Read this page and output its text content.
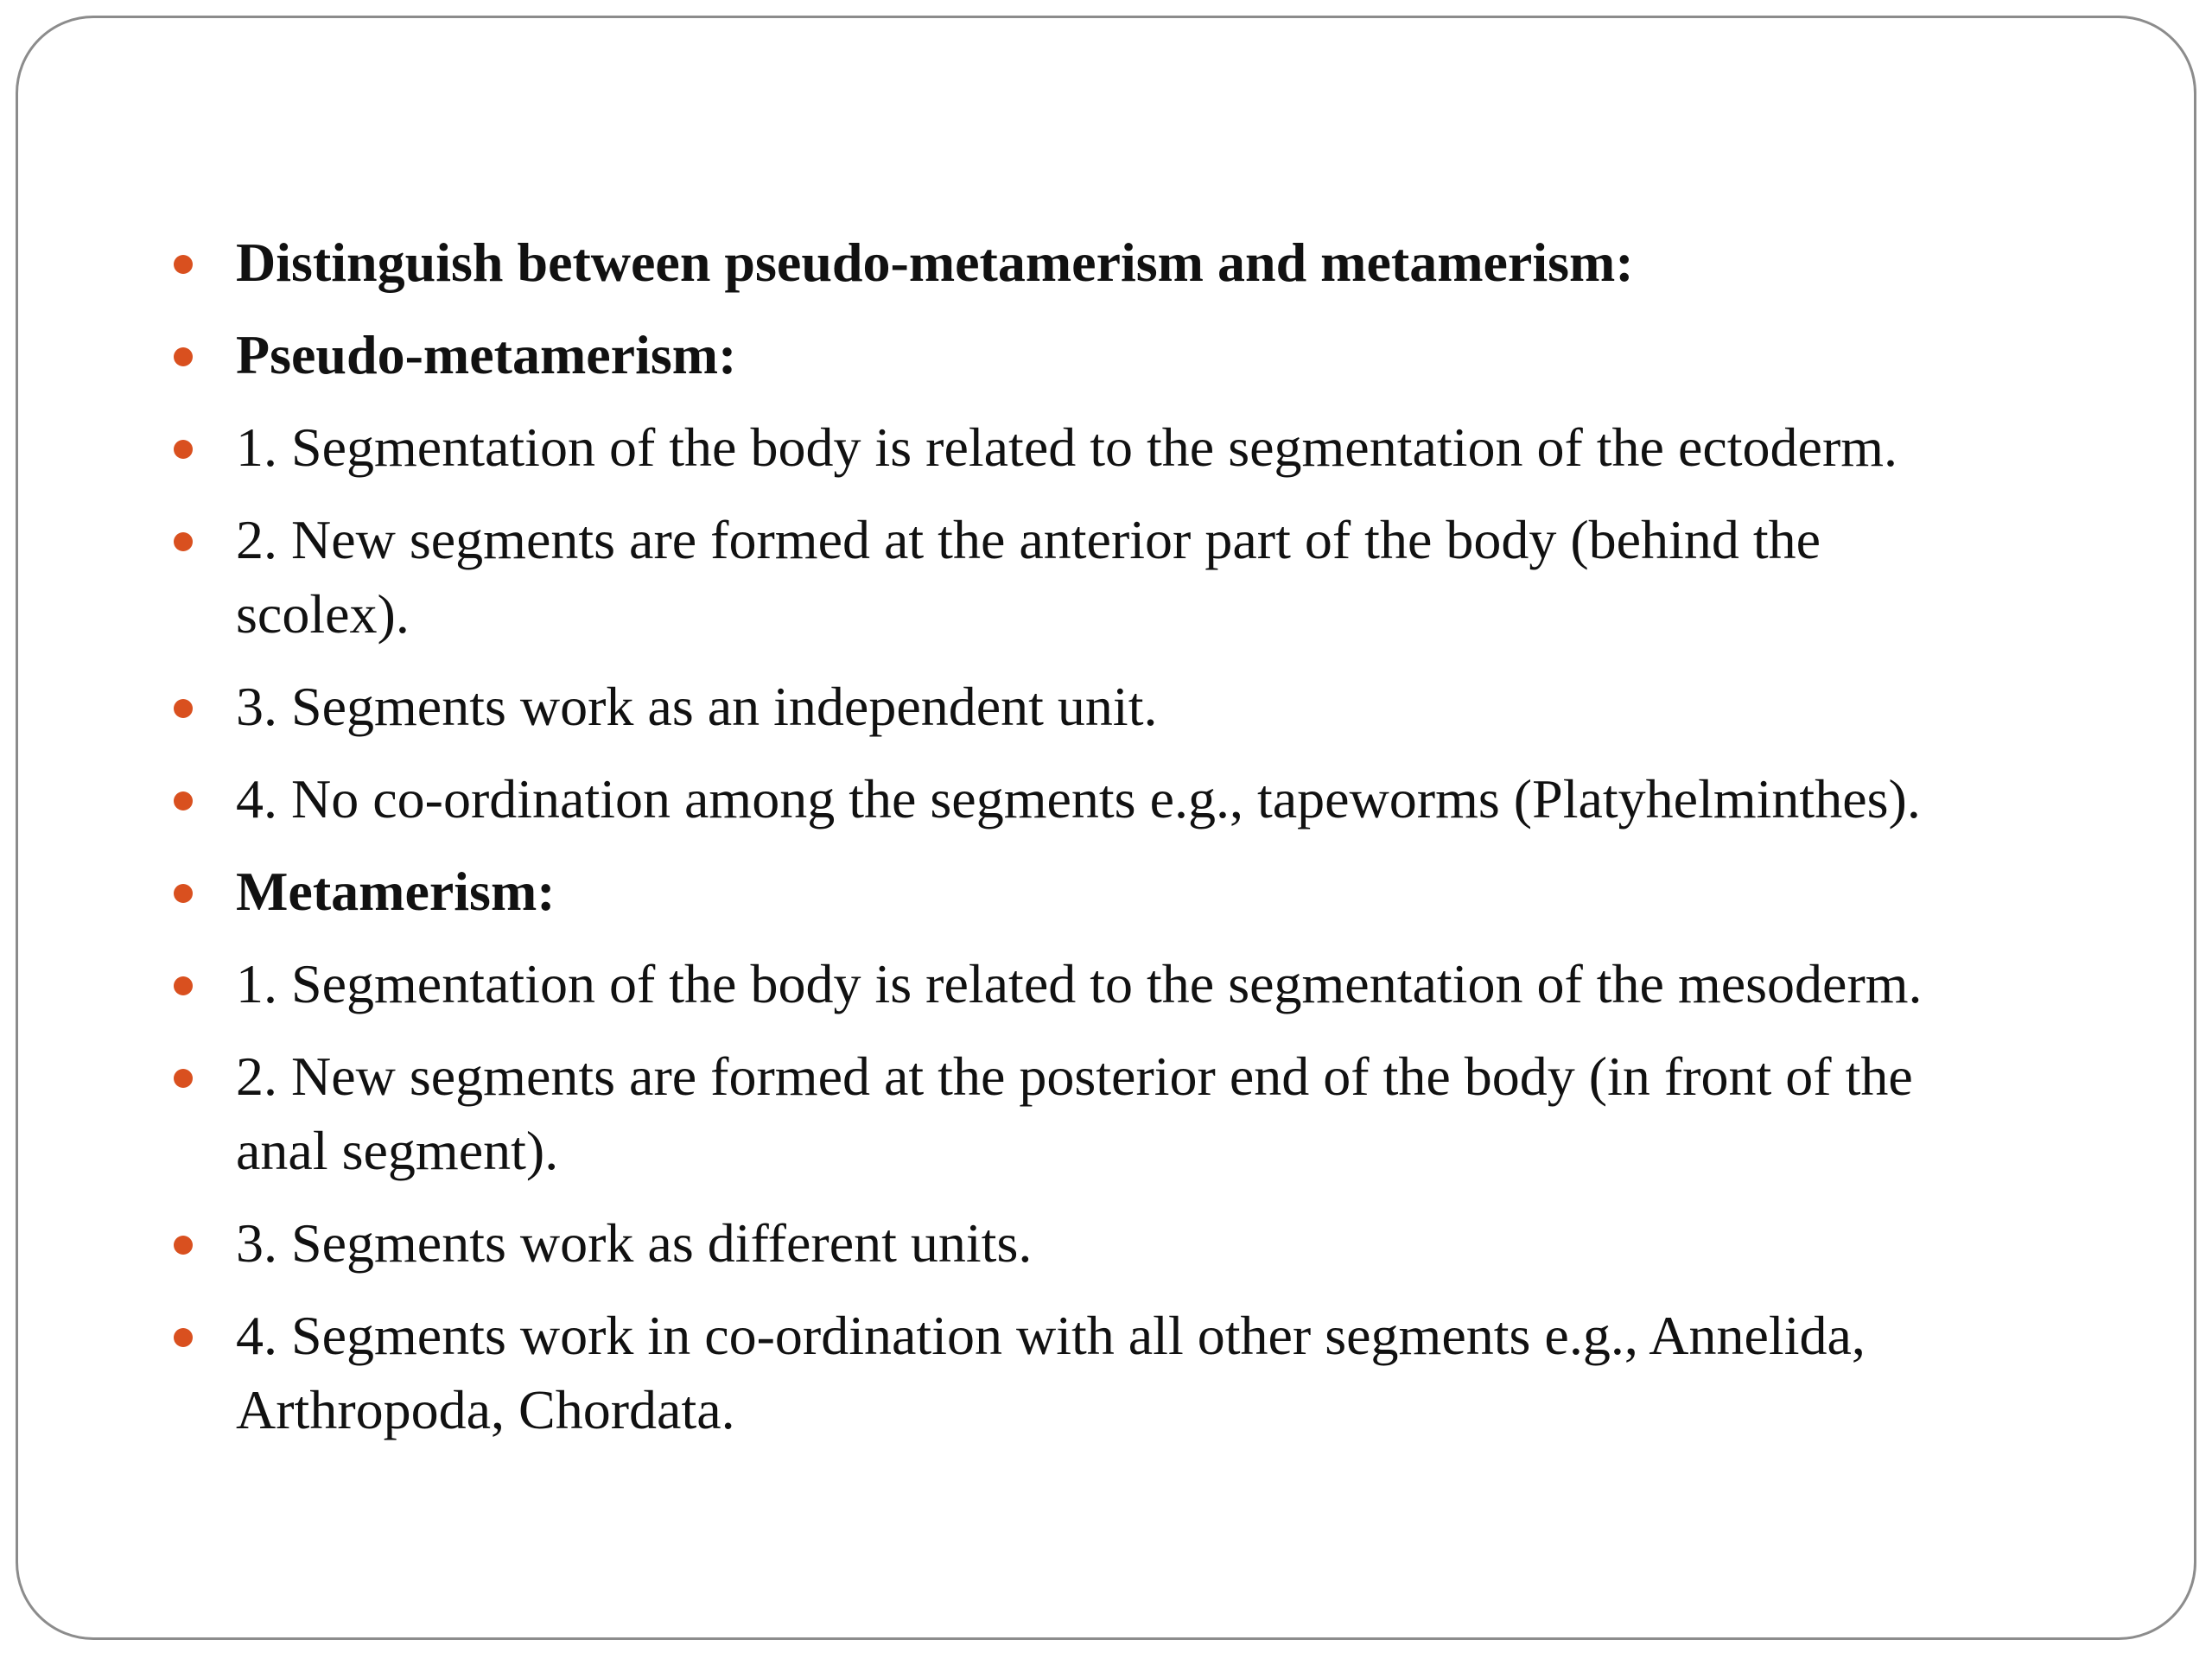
Distinguish between pseudo-metamerism and metamerism:
Pseudo-metamerism:
1. Segmentation of the body is related to the segmentation of the ectoderm.
2. New segments are formed at the anterior part of the body (behind the scolex).
3. Segments work as an independent unit.
4. No co-ordination among the segments e.g., tapeworms (Platyhelminthes).
Metamerism:
1. Segmentation of the body is related to the segmentation of the mesoderm.
2. New segments are formed at the posterior end of the body (in front of the anal segment).
3. Segments work as different units.
4. Segments work in co-ordination with all other segments e.g., Annelida, Arthropoda, Chordata.
